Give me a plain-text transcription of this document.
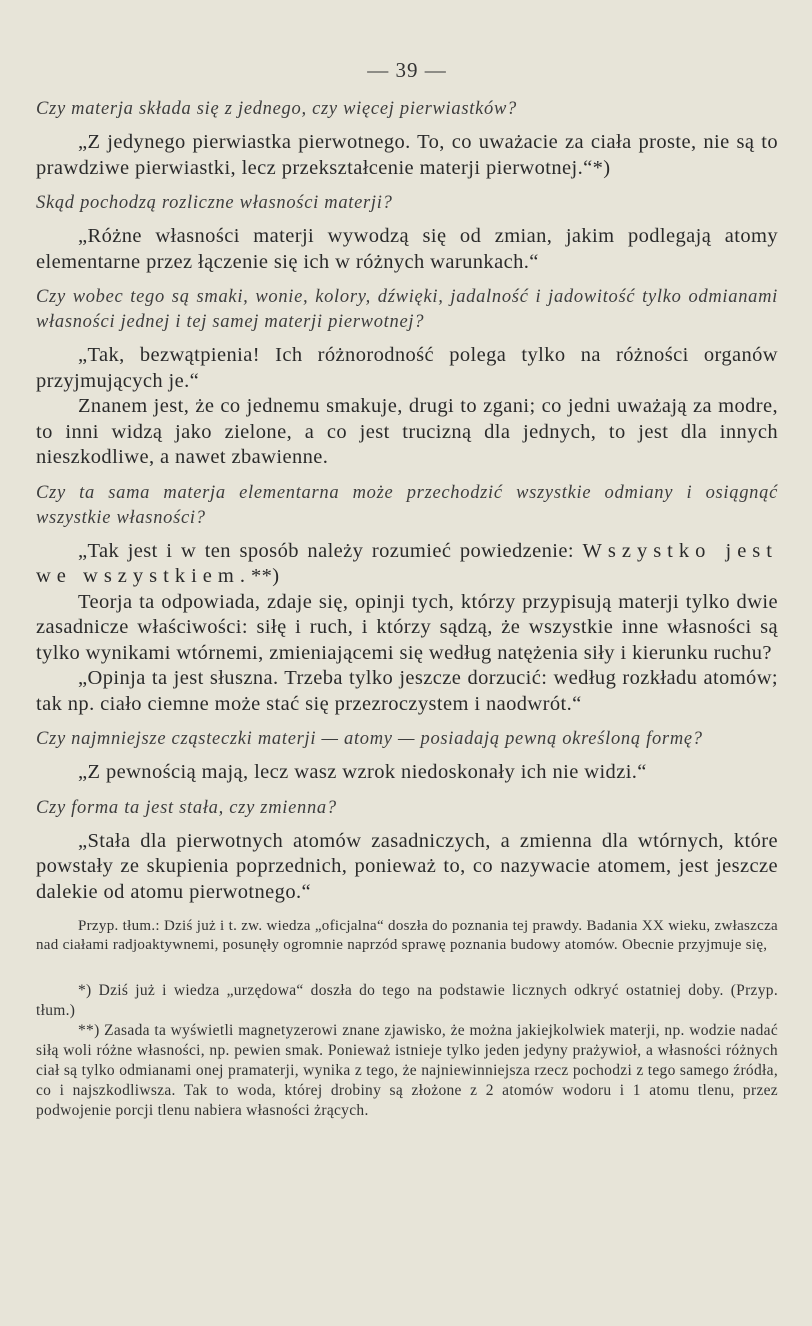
— 39 —

Czy materja składa się z jednego, czy więcej pierwiastków?

„Z jedynego pierwiastka pierwotnego. To, co uważacie za ciała proste, nie są to prawdziwe pierwiastki, lecz przekształcenie materji pierwotnej.“*)

Skąd pochodzą rozliczne własności materji?

„Różne własności materji wywodzą się od zmian, jakim podlegają atomy elementarne przez łączenie się ich w różnych warunkach.“

Czy wobec tego są smaki, wonie, kolory, dźwięki, jadalność i jadowitość tylko odmianami własności jednej i tej samej materji pierwotnej?

„Tak, bezwątpienia! Ich różnorodność polega tylko na różności organów przyjmujących je.“

Znanem jest, że co jednemu smakuje, drugi to zgani; co jedni uważają za modre, to inni widzą jako zielone, a co jest trucizną dla jednych, to jest dla innych nieszkodliwe, a nawet zbawienne.

Czy ta sama materja elementarna może przechodzić wszystkie odmiany i osiągnąć wszystkie własności?

„Tak jest i w ten sposób należy rozumieć powiedzenie: Wszystko jest we wszystkiem.**)

Teorja ta odpowiada, zdaje się, opinji tych, którzy przypisują materji tylko dwie zasadnicze właściwości: siłę i ruch, i którzy sądzą, że wszystkie inne własności są tylko wynikami wtórnemi, zmieniającemi się według natężenia siły i kierunku ruchu?

„Opinja ta jest słuszna. Trzeba tylko jeszcze dorzucić: według rozkładu atomów; tak np. ciało ciemne może stać się przezroczystem i naodwrót.“

Czy najmniejsze cząsteczki materji — atomy — posiadają pewną określoną formę?

„Z pewnością mają, lecz wasz wzrok niedoskonały ich nie widzi.“

Czy forma ta jest stała, czy zmienna?

„Stała dla pierwotnych atomów zasadniczych, a zmienna dla wtórnych, które powstały ze skupienia poprzednich, ponieważ to, co nazywacie atomem, jest jeszcze dalekie od atomu pierwotnego.“

Przyp. tłum.: Dziś już i t. zw. wiedza „oficjalna“ doszła do poznania tej prawdy. Badania XX wieku, zwłaszcza nad ciałami radjoaktywnemi, posunęły ogromnie naprzód sprawę poznania budowy atomów. Obecnie przyjmuje się,

*) Dziś już i wiedza „urzędowa“ doszła do tego na podstawie licznych odkryć ostatniej doby. (Przyp. tłum.)

**) Zasada ta wyświetli magnetyzerowi znane zjawisko, że można jakiejkolwiek materji, np. wodzie nadać siłą woli różne własności, np. pewien smak. Ponieważ istnieje tylko jeden jedyny prażywioł, a własności różnych ciał są tylko odmianami onej pramaterji, wynika z tego, że najniewinniejsza rzecz pochodzi z tego samego źródła, co i najszkodliwsza. Tak to woda, której drobiny są złożone z 2 atomów wodoru i 1 atomu tlenu, przez podwojenie porcji tlenu nabiera własności żrących.
